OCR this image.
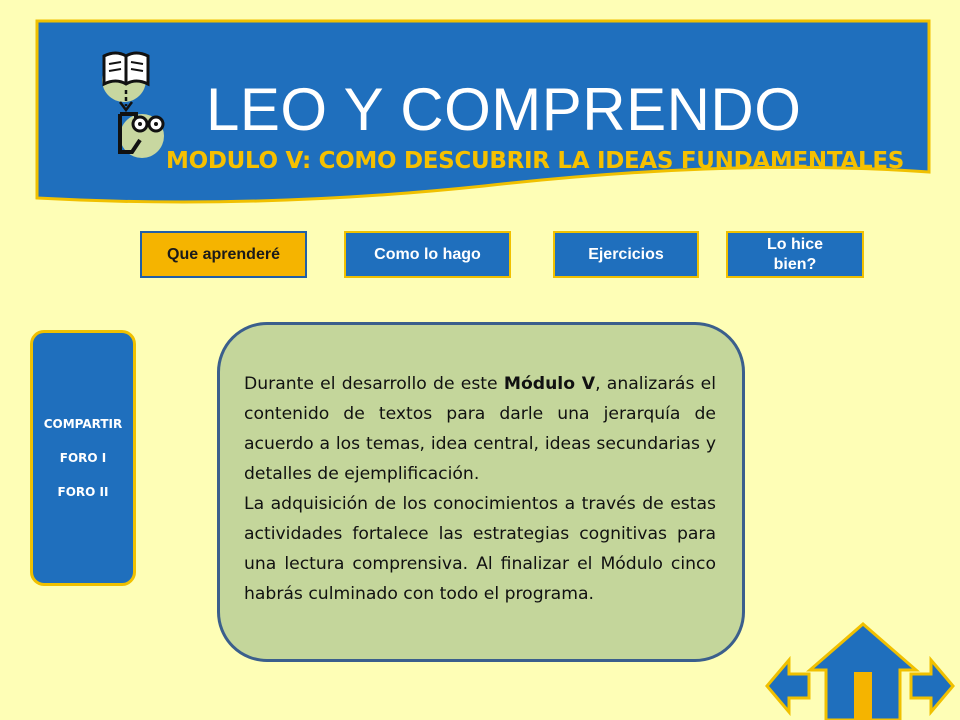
LEO Y COMPRENDO
MODULO V: COMO DESCUBRIR LA IDEAS FUNDAMENTALES
Que aprenderé	Como lo hago	Ejercicios
Lo hice bien?
COMPARTIR
FORO I
FORO II

Durante el desarrollo de este Módulo V, analizarás el contenido de textos para darle una jerarquía de acuerdo a los temas, idea central, ideas secundarias y detalles de ejemplificación.

La adquisición de los conocimientos a través de estas actividades fortalece las estrategias cognitivas para una lectura comprensiva. Al finalizar el Módulo cinco habrás culminado con todo el programa.
